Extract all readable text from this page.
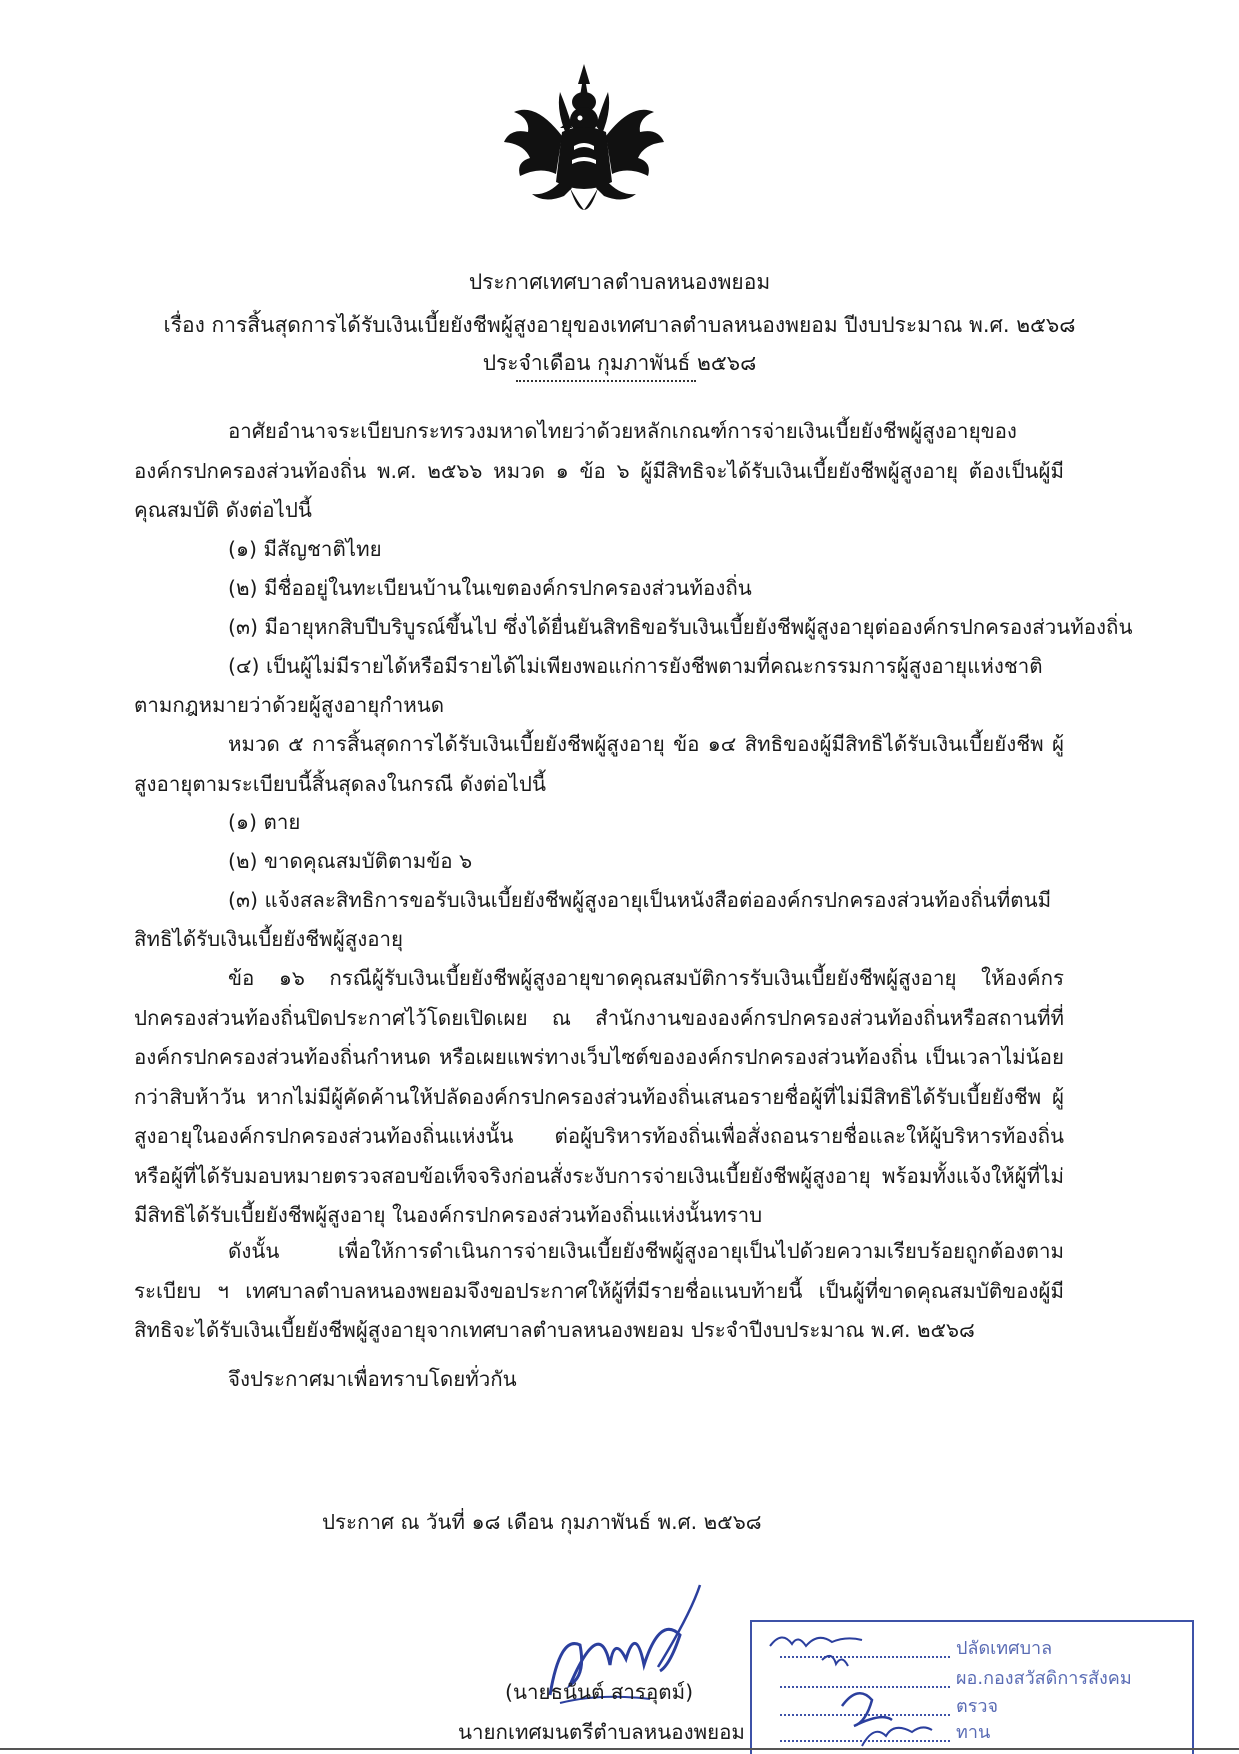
ประกาศเทศบาลตำบลหนองพยอม
เรื่อง การสิ้นสุดการได้รับเงินเบี้ยยังชีพผู้สูงอายุของเทศบาลตำบลหนองพยอม ปีงบประมาณ พ.ศ. ๒๕๖๘
ประจำเดือน กุมภาพันธ์ ๒๕๖๘
อาศัยอำนาจระเบียบกระทรวงมหาดไทยว่าด้วยหลักเกณฑ์การจ่ายเงินเบี้ยยังชีพผู้สูงอายุของ องค์กรปกครองส่วนท้องถิ่น พ.ศ. ๒๕๖๖ หมวด ๑ ข้อ ๖ ผู้มีสิทธิจะได้รับเงินเบี้ยยังชีพผู้สูงอายุ ต้องเป็นผู้มี คุณสมบัติ ดังต่อไปนี้
(๑) มีสัญชาติไทย
(๒) มีชื่ออยู่ในทะเบียนบ้านในเขตองค์กรปกครองส่วนท้องถิ่น
(๓) มีอายุหกสิบปีบริบูรณ์ขึ้นไป ซึ่งได้ยื่นยันสิทธิขอรับเงินเบี้ยยังชีพผู้สูงอายุต่อองค์กรปกครองส่วนท้องถิ่น
(๔) เป็นผู้ไม่มีรายได้หรือมีรายได้ไม่เพียงพอแก่การยังชีพตามที่คณะกรรมการผู้สูงอายุแห่งชาติ
ตามกฎหมายว่าด้วยผู้สูงอายุกำหนด
หมวด ๕ การสิ้นสุดการได้รับเงินเบี้ยยังชีพผู้สูงอายุ ข้อ ๑๔ สิทธิของผู้มีสิทธิได้รับเงินเบี้ยยังชีพ ผู้สูงอายุตามระเบียบนี้สิ้นสุดลงในกรณี ดังต่อไปนี้
(๑) ตาย
(๒) ขาดคุณสมบัติตามข้อ ๖
(๓) แจ้งสละสิทธิการขอรับเงินเบี้ยยังชีพผู้สูงอายุเป็นหนังสือต่อองค์กรปกครองส่วนท้องถิ่นที่ตนมี
สิทธิได้รับเงินเบี้ยยังชีพผู้สูงอายุ
ข้อ ๑๖ กรณีผู้รับเงินเบี้ยยังชีพผู้สูงอายุขาดคุณสมบัติการรับเงินเบี้ยยังชีพผู้สูงอายุ ให้องค์กร ปกครองส่วนท้องถิ่นปิดประกาศไว้โดยเปิดเผย ณ สำนักงานขององค์กรปกครองส่วนท้องถิ่นหรือสถานที่ที่ องค์กรปกครองส่วนท้องถิ่นกำหนด หรือเผยแพร่ทางเว็บไซต์ขององค์กรปกครองส่วนท้องถิ่น เป็นเวลาไม่น้อย กว่าสิบห้าวัน หากไม่มีผู้คัดค้านให้ปลัดองค์กรปกครองส่วนท้องถิ่นเสนอรายชื่อผู้ที่ไม่มีสิทธิได้รับเบี้ยยังชีพ ผู้สูงอายุในองค์กรปกครองส่วนท้องถิ่นแห่งนั้น ต่อผู้บริหารท้องถิ่นเพื่อสั่งถอนรายชื่อและให้ผู้บริหารท้องถิ่น หรือผู้ที่ได้รับมอบหมายตรวจสอบข้อเท็จจริงก่อนสั่งระงับการจ่ายเงินเบี้ยยังชีพผู้สูงอายุ พร้อมทั้งแจ้งให้ผู้ที่ไม่ มีสิทธิได้รับเบี้ยยังชีพผู้สูงอายุ ในองค์กรปกครองส่วนท้องถิ่นแห่งนั้นทราบ
ดังนั้น เพื่อให้การดำเนินการจ่ายเงินเบี้ยยังชีพผู้สูงอายุเป็นไปด้วยความเรียบร้อยถูกต้องตาม ระเบียบ ฯ เทศบาลตำบลหนองพยอมจึงขอประกาศให้ผู้ที่มีรายชื่อแนบท้ายนี้ เป็นผู้ที่ขาดคุณสมบัติของผู้มี สิทธิจะได้รับเงินเบี้ยยังชีพผู้สูงอายุจากเทศบาลตำบลหนองพยอม ประจำปีงบประมาณ พ.ศ. ๒๕๖๘
จึงประกาศมาเพื่อทราบโดยทั่วกัน
ประกาศ ณ วันที่ ๑๘ เดือน กุมภาพันธ์ พ.ศ. ๒๕๖๘
(นายธนันต์ สารอุตม์)
นายกเทศมนตรีตำบลหนองพยอม
ปลัดเทศบาล
ผอ.กองสวัสดิการสังคม
ตรวจ
ทาน
